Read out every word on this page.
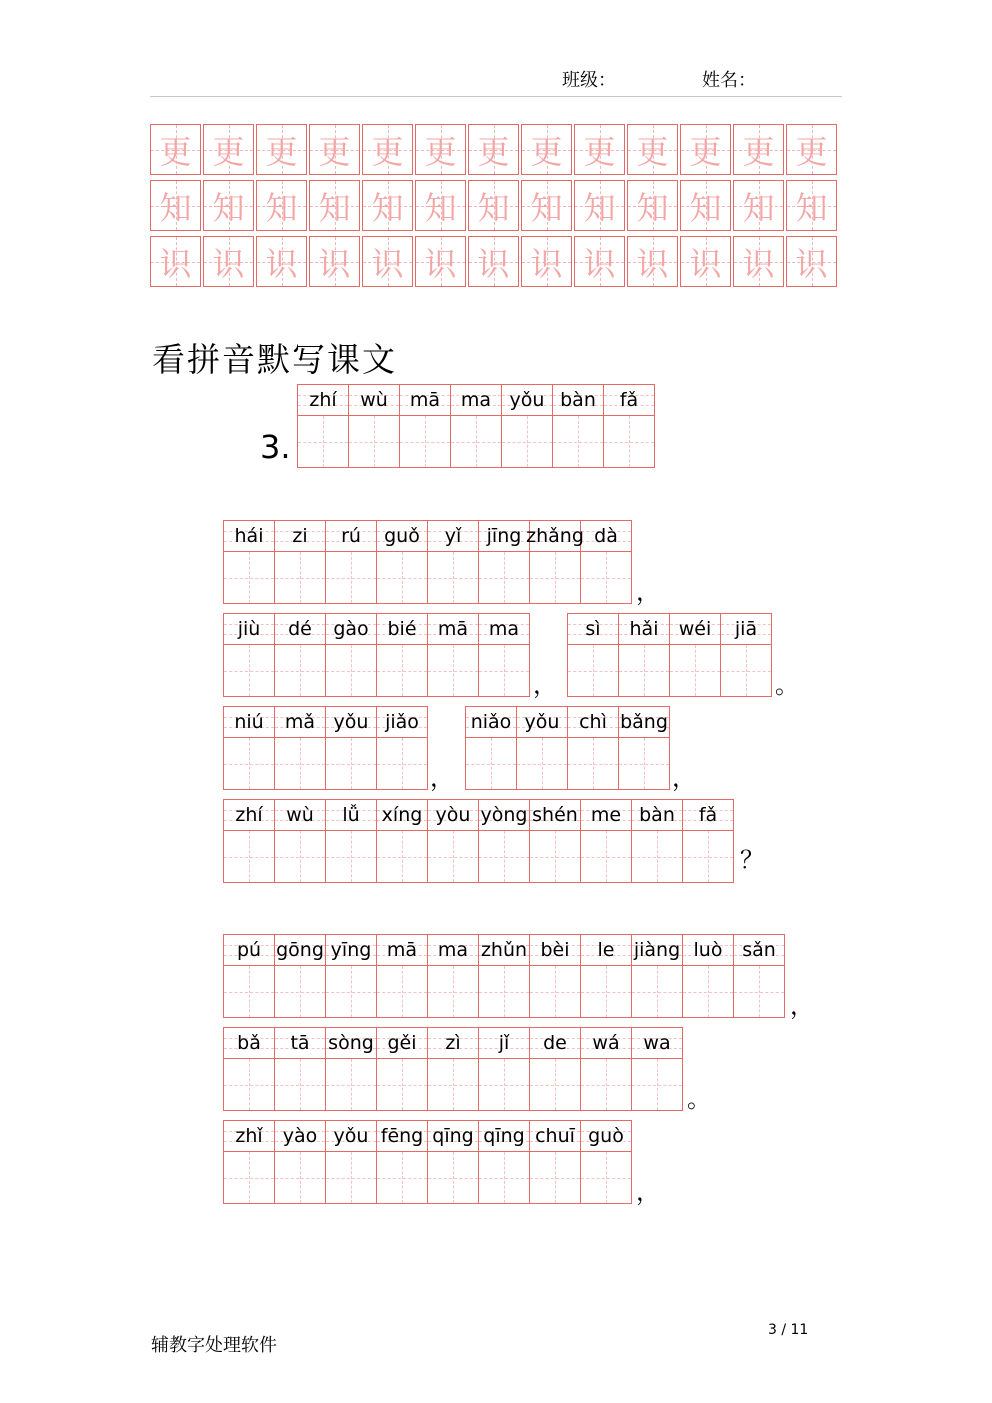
班级：	姓名：
更 更 更 更 更 更 更 更 更 更 更 更 更
知 知 知 知 知 知 知 知 知 知 知 知 知
识 识 识 识 识 识 识 识 识 识 识 识 识
看拼音默写课文
3.
zhí wù mā ma yǒu bàn fǎ
hái zi rú guǒ yǐ jīng zhǎng dà
，
jiù dé gào bié mā ma
，
sì hǎi wéi jiā
。
niú mǎ yǒu jiǎo
，
niǎo yǒu chì bǎng
，
zhí wù lǚ xíng yòu yòng shén me bàn fǎ
？
pú gōng yīng mā ma zhǔn bèi le jiàng luò sǎn
，
bǎ tā sòng gěi zì jǐ de wá wa
。
zhǐ yào yǒu fēng qīng qīng chuī guò
，
辅教字处理软件
3 / 11
